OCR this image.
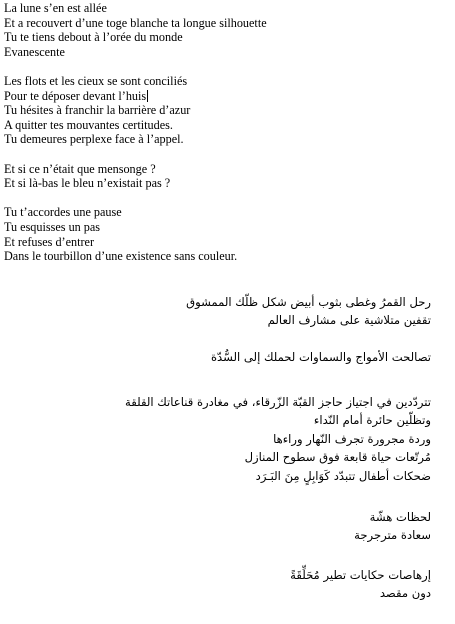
La lune s’en est allée
Et a recouvert d’une toge blanche ta longue silhouette
Tu te tiens debout à l’orée du monde
Evanescente
Les flots et les cieux se sont conciliés
Pour te déposer devant l’huis
Tu hésites à franchir la barrière d’azur
A quitter tes mouvantes certitudes.
Tu demeures perplexe face à l’appel.
Et si ce n’était que mensonge ?
Et si là-bas le bleu n’existait pas ?
Tu t’accordes une pause
Tu esquisses un pas
Et refuses d’entrer
Dans le tourbillon d’une existence sans couleur.
رحل القمرُ وغطى بثوب أبيض شكل ظلّك الممشوق
تقفين متلاشية على مشارف العالم
تصالحت الأمواج والسماوات لحملك إلى السُّدّة
تتردّدين في اجتياز حاجز القبّة الزّرقاء، في مغادرة قناعاتك القلقة
وتظلّين حائرة أمام النّداء
وردة مجرورة تجرف النّهار وراءها
مُرتّعات حياة قابعة فوق سطوح المنازل
ضحكات أطفال تتبدّد كَوَابِلٍ مِنَ البَـرَد
لحظات هشّة
سعادة مترجرجة
إرهاصات حكايات تطير مُحَلِّقَةً
دون مقصد
